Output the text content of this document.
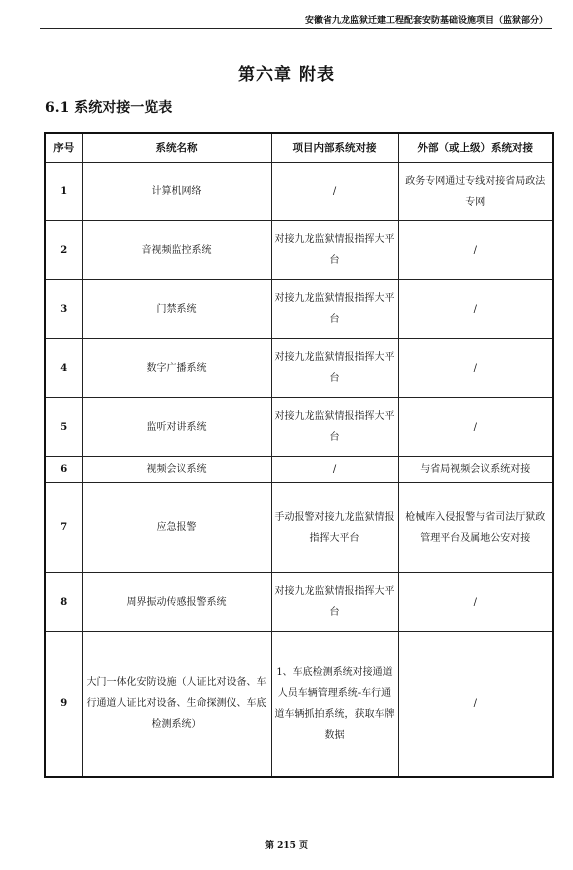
安徽省九龙监狱迁建工程配套安防基础设施项目（监狱部分）
第六章 附表
6.1 系统对接一览表
序号	系统名称	项目内部系统对接	外部（或上级）系统对接
1	计算机网络	/	政务专网通过专线对接省局政法专网
2	音视频监控系统	对接九龙监狱情报指挥大平台	/
3	门禁系统	对接九龙监狱情报指挥大平台	/
4	数字广播系统	对接九龙监狱情报指挥大平台	/
5	监听对讲系统	对接九龙监狱情报指挥大平台	/
6	视频会议系统	/	与省局视频会议系统对接
7	应急报警	手动报警对接九龙监狱情报指挥大平台	枪械库入侵报警与省司法厅狱政管理平台及属地公安对接
8	周界振动传感报警系统	对接九龙监狱情报指挥大平台	/
9	大门一体化安防设施（人证比对设备、车行通道人证比对设备、生命探测仪、车底检测系统）	1、车底检测系统对接通道人员车辆管理系统-车行通道车辆抓拍系统，获取车牌数据	/
第 215 页
